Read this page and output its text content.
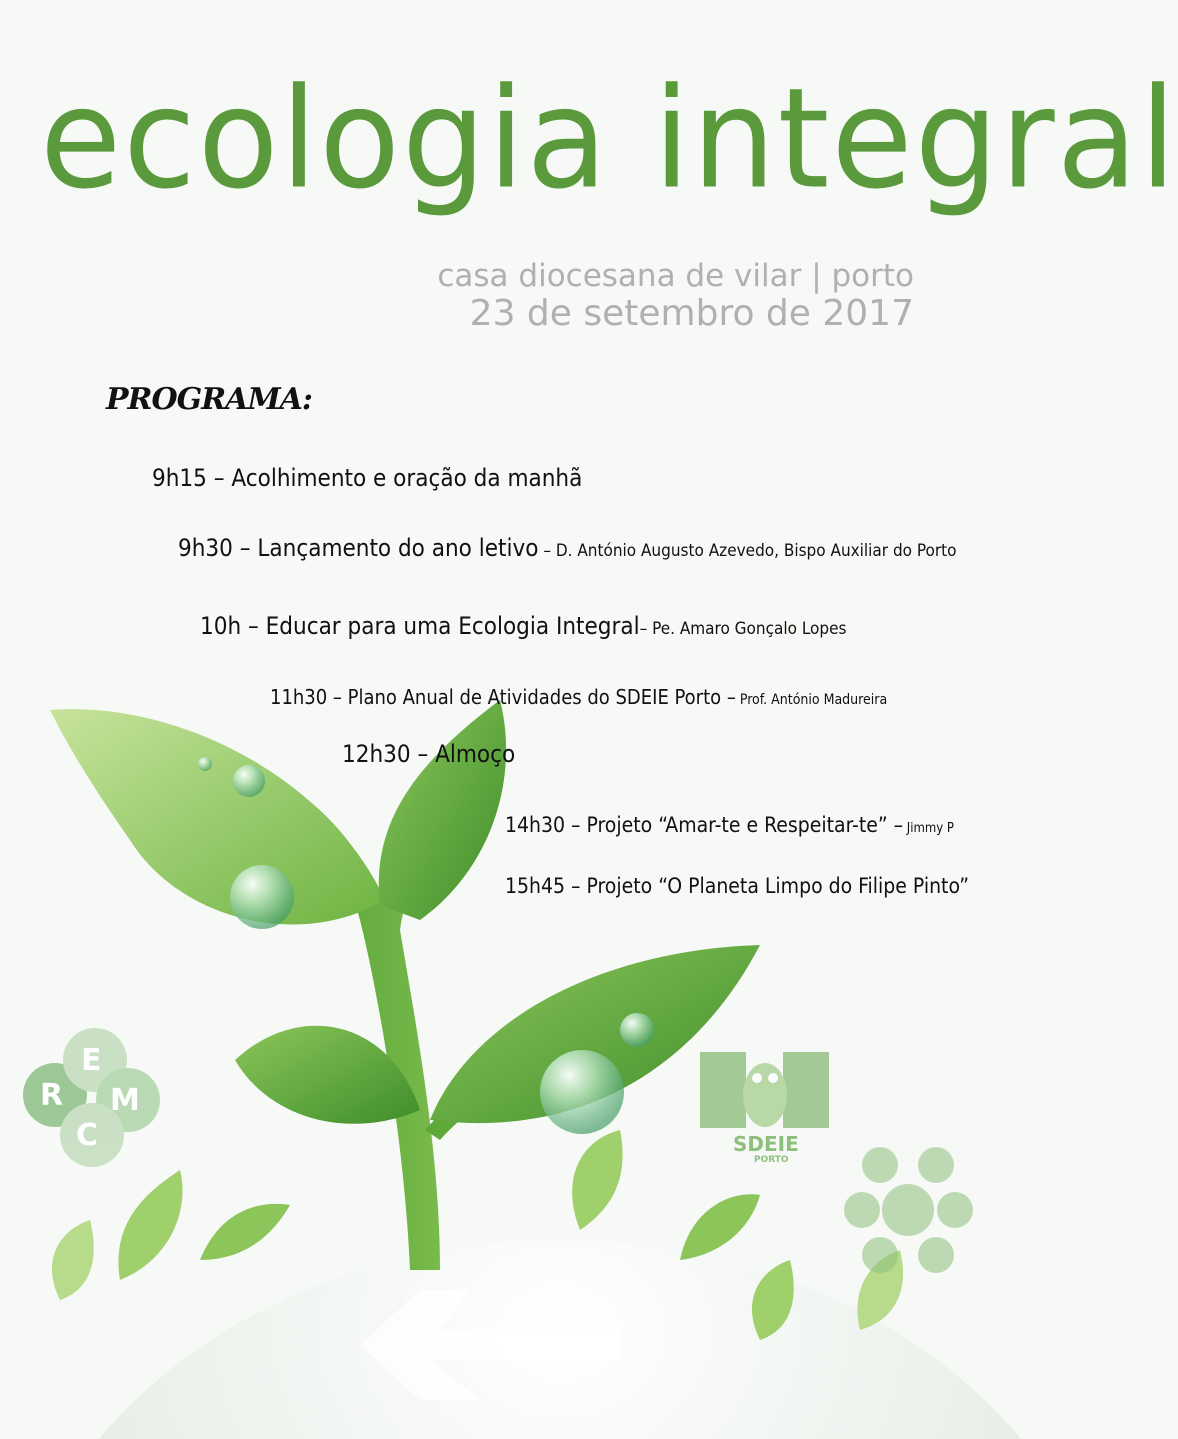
ecologia integral
casa diocesana de vilar | porto
23 de setembro de 2017
PROGRAMA:
9h15 – Acolhimento e oração da manhã
9h30 – Lançamento do ano letivo – D. António Augusto Azevedo, Bispo Auxiliar do Porto
10h – Educar para uma Ecologia Integral– Pe. Amaro Gonçalo Lopes
11h30 – Plano Anual de Atividades do SDEIE Porto – Prof. António Madureira
12h30 – Almoço
14h30 – Projeto “Amar-te e Respeitar-te” – Jimmy P
15h45 – Projeto “O Planeta Limpo do Filipe Pinto”
E
M
R
C	SDEIE
PORTO
